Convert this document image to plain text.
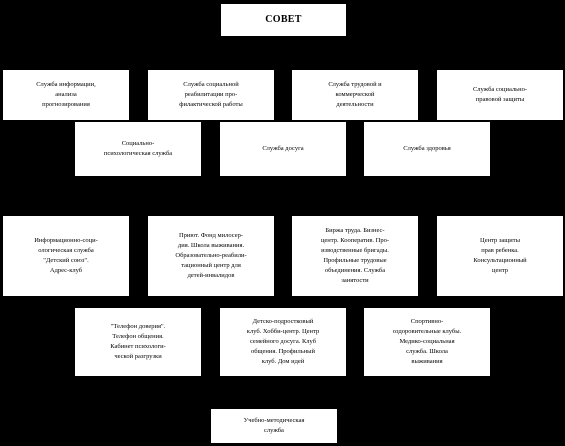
СОВЕТ
Служба информации,
анализа
прогнозирования
Служба социальной
реабилитации про-
филактической работы
Служба трудовой и
коммерческой
деятельности
Служба социально-
правовой защиты
Социально-
психологическая служба
Служба досуга	Служба здоровья
Информационно-соци-
ологическая служба
"Детский союз".
Адрес-клуб
Приют. Фонд милосер-
дия. Школа выживания.
Образовательно-реабили-
тационный центр для
детей-инвалидов
Биржа труда. Бизнес-
центр. Кооператив. Про-
изводственные бригады.
Профильные трудовые
объединения. Служба
занятости
Центр защиты
прав ребенка.
Консультационный
центр
"Телефон доверия".
Телефон общения.
Кабинет психологи-
ческой разгрузки
Детско-подростковый
клуб. Хобби-центр. Центр
семейного досуга. Клуб
общения. Профильный
клуб. Дом идей
Спортивно-
оздоровительные клубы.
Медико-социальная
служба. Школа
выживания
Учебно-методическая
служба
